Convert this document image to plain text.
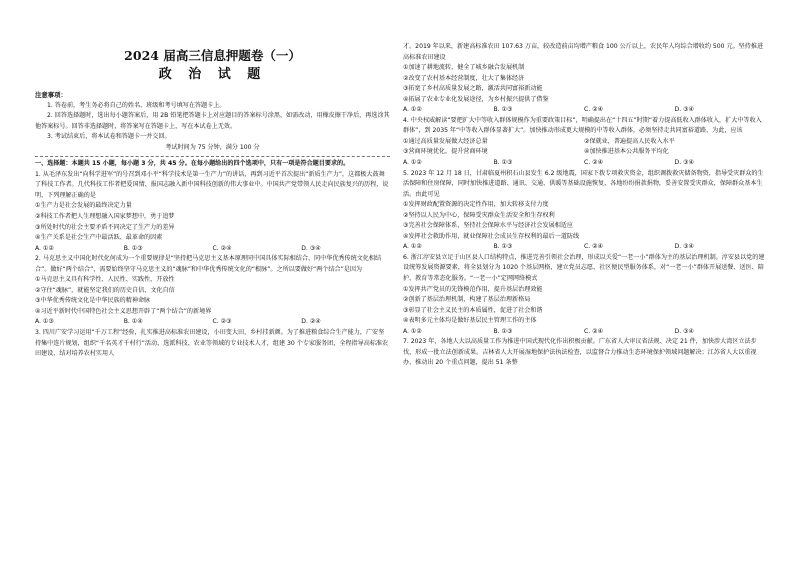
2024 届高三信息押题卷（一）
政 治 试 题
注意事项：

1. 答卷前，考生务必将自己的姓名、班级和考号填写在答题卡上。

2. 回答选择题时，选出每小题答案后，用 2B 铅笔把答题卡上对应题目的答案标号涂黑，如需改动，用橡皮擦干净后，再选涂其他答案标号。回答非选择题时，将答案写在答题卡上，写在本试卷上无效。

3. 考试结束后，将本试卷和答题卡一并交回。

考试时间为 75 分钟，满分 100 分

一、选择题：本题共 15 小题，每小题 3 分，共 45 分。在每小题给出的四个选项中，只有一项是符合题目要求的。

1. 从毛泽东发出“向科学进军”的号召到邓小平“科学技术是第一生产力”的讲话，再到习近平首次提出“新质生产力”，这都极大鼓舞了科技工作者。几代科技工作者把爱国情、报国志融入新中国科技创新的伟大事业中。中国共产党带领人民走向民族复兴的历程，说明，下列理解正确的是

①生产力是社会发展的最终决定力量

②科技工作者把人生理想融入国家梦想中，勇于追梦

③所处时代的社会主要矛盾不同决定了生产力的差异

④生产关系是社会生产中最活跃、最革命的因素

A. ①②	B. ①③	C. ②④	D. ③④

2. 马克思主义中国化时代化何成为一个重要规律是“坚持把马克思主义基本原理同中国具体实际相结合、同中华优秀传统文化相结合”。做好“两个结合”，需要始终坚守马克思主义的“魂脉”和中华优秀传统文化的“根脉”。之所以要做好“两个结合”是因为

①马克思主义具有科学性、人民性、实践性、开放性

②守住“魂脉”，就能坚定我们的历史自信、文化自信

③中华优秀传统文化是中华民族的精神命脉

④习近平新时代中国特色社会主义思想开辟了“两个结合”的新境界

A. ①③	B. ①④	C. ②③	D. ②④

3. 四川广安学习运用“千万工程”经验，扎实推进高标准农田建设，小田变大田，乡村挂新颜。为了推进粮食综合生产能力，广安坚持集中连片规划，组织“千名英才千村行”活动，选派科技、农业等领域的专业技术人才，组建 30 个专家服务团，全程指导高标准农田建设，结对培养农村实用人

才。2019 年以来，新建高标准农田 107.63 万亩，较改造前亩均增产粮食 100 公斤以上，农民年人均综合增收约 500 元。坚持推进高标准农田建设

①加速了耕地流转，健全了城乡融合发展机制

②改变了农村基本经营制度，壮大了集体经济

③拓宽了乡村高质量发展之路，激活共同富裕新动能

④拓展了农业专业化发展途径，为乡村振兴提供了借鉴

A. ①②	B. ①③	C. ②④	D. ③④

4. 中央权威解读“要把扩大中等收入群体规模作为重要政策目标”，明确提出在“十四五”时期“着力提高低收入群体收入，扩大中等收入群体”，到 2035 年“中等收入群体显著扩大”。加快推动形成更大规模的中等收入群体，必须坚持走共同富裕道路，为此，应该

①通过高质量发展做大经济总量	②保就业，普遍提高人民收入水平
③营商环境优化，提升营商环境	④加快推进基本公共服务平均化
A. ①②	B. ①③	C. ②④	D. ③④

5. 2023 年 12 月 18 日，甘肃临夏州积石山县发生 6.2 级地震，国家下拨专项救灾资金，组织调拨救灾储备物资，指导受灾群众的生活保障和住房保障，同时加快推进道路、通讯、交通、供暖等基础设施恢复，各地纷纷捐款捐物，妥善安置受灾群众，保障群众基本生活。由此可见

①发挥财政配置资源的决定性作用，加大转移支付力度

②坚持以人民为中心，保障受灾群众生活安全和生存权利

③完善社会保障体系，坚持社会保障水平与经济社会发展相适应

④发挥社会救助作用，就业保障社会成员生存权利的最后一道防线

A. ①②	B. ①③	C. ②④	D. ③④

6. 浙江淳安县立足于山区县人口结构特点，推进完善引领社会治理，形成以关爱“一老一小”群体为主的基层治理机制。淳安县以党的建设统筹发展资源要素，将全县划分为 1020 个基层网格，建立党员志愿、社区便民型服务体系，对“一老一小”群体开展送餐、送医、陪护、教育等常态化服务。“一老一小”定网网络模式

①发挥共产党员的先锋模范作用，提升基层治理效能

②创新了基层治理机制，构建了基层治理新格局

③彰显了社会主义民主的本质属性，促进了社会和谐

④表明多元主体均是做好基层民主管理工作的主体

A. ①②	B. ①③	C. ②④	D. ③④

7. 2023 年，各地人大以高质量工作为推进中国式现代化作出积极贡献。广东省人大审议省法规、决定 21 件，加快涉大湾区立法步伐，形成一批立法创新成果。吉林省人大开展湿地保护法执法检查，以监督合力推动生态环境保护领域问题解决；江苏省人大以重视办，推动出 20 个重点问题，提出 51 条整
